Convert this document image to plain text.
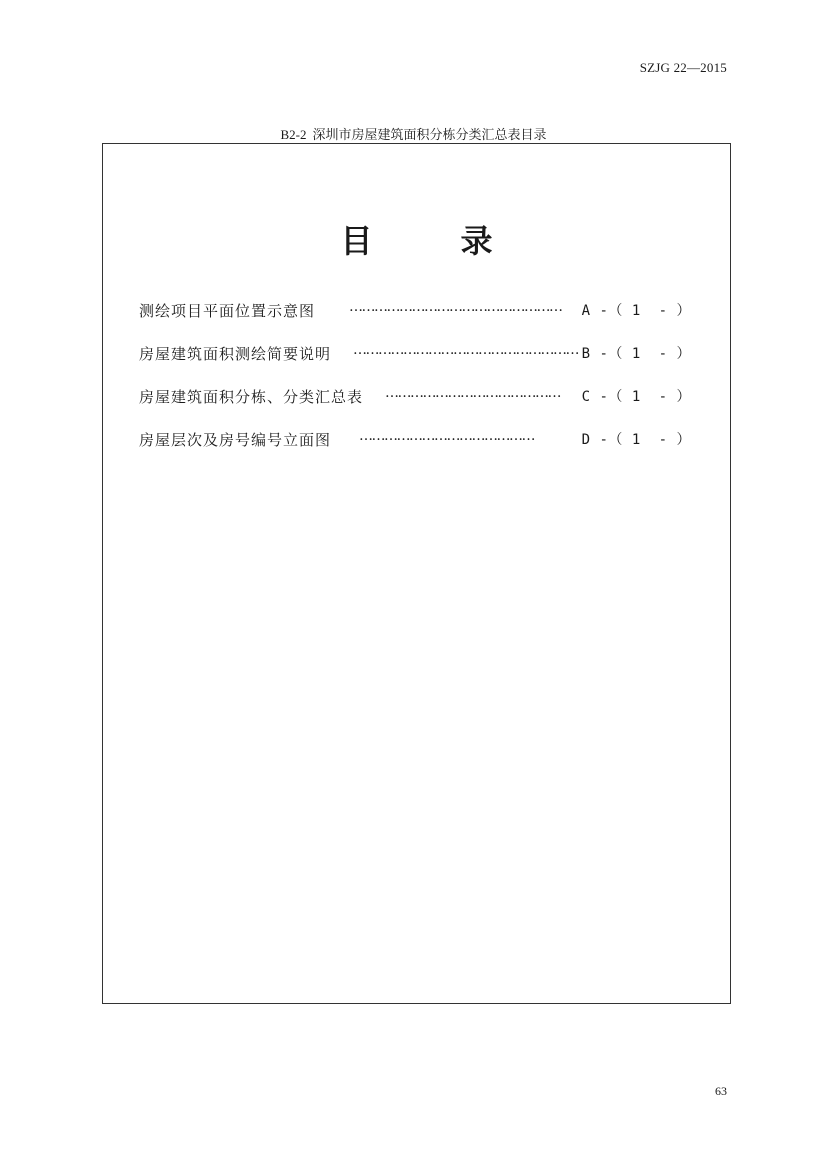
SZJG 22—2015
B2-2 深圳市房屋建筑面积分栋分类汇总表目录
目	录
测绘项目平面位置示意图 ……………………………………………	A -（ 1  - ）
房屋建筑面积测绘简要说明 ……………………………………………… B -（ 1  - ）
房屋建筑面积分栋、分类汇总表 ……………………………………	C -（ 1  - ）
房屋层次及房号编号立面图 ……………………………………	D -（ 1  - ）
63
